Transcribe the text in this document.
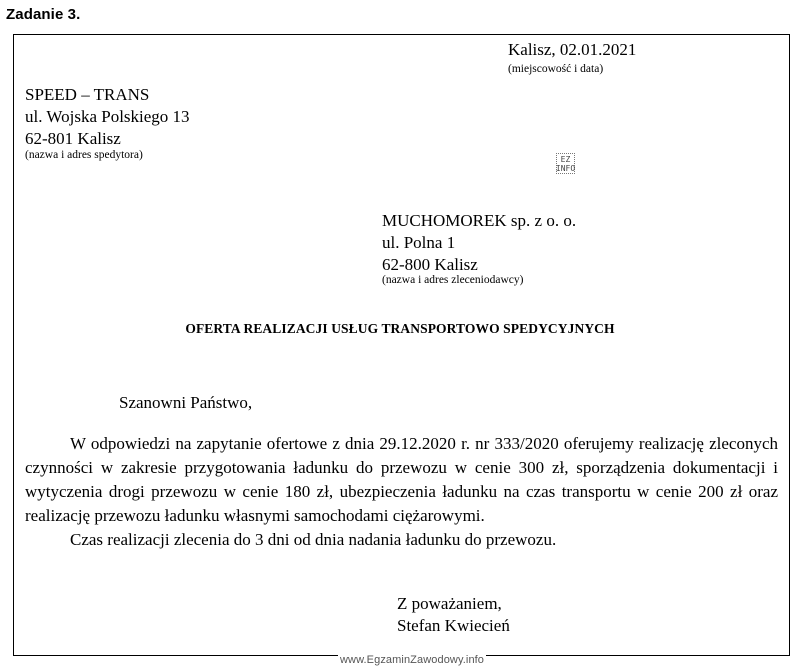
Zadanie 3.
Kalisz, 02.01.2021
(miejscowość i data)
SPEED – TRANS
ul. Wojska Polskiego 13
62-801 Kalisz
(nazwa i adres spedytora)	EZ
INFO
MUCHOMOREK sp. z o. o.
ul. Polna 1
62-800 Kalisz
(nazwa i adres zleceniodawcy)
OFERTA REALIZACJI USŁUG TRANSPORTOWO SPEDYCYJNYCH
Szanowni Państwo,

W odpowiedzi na zapytanie ofertowe z dnia 29.12.2020 r. nr 333/2020 oferujemy realizację zleconych czynności w zakresie przygotowania ładunku do przewozu w cenie 300 zł, sporządzenia dokumentacji i wytyczenia drogi przewozu w cenie 180 zł, ubezpieczenia ładunku na czas transportu w cenie 200 zł oraz realizację przewozu ładunku własnymi samochodami ciężarowymi.

Czas realizacji zlecenia do 3 dni od dnia nadania ładunku do przewozu.

Z poważaniem,
Stefan Kwiecień
www.EgzaminZawodowy.info
